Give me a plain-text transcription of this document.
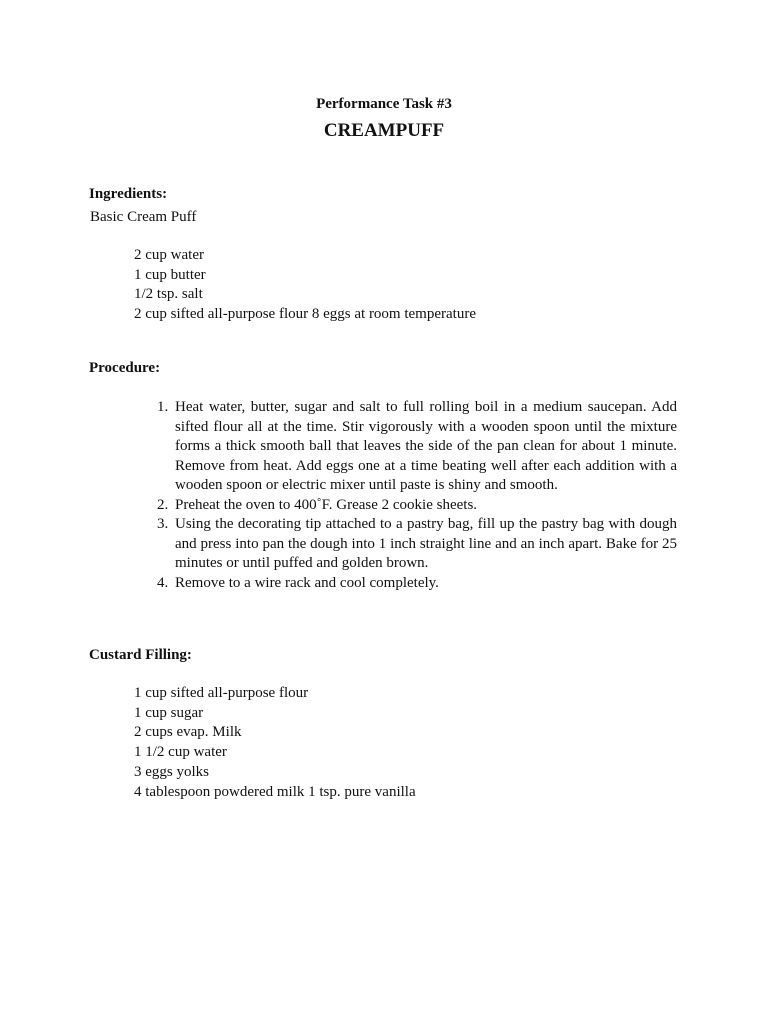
Performance Task #3
CREAMPUFF
Ingredients:
Basic Cream Puff
2 cup water
1 cup butter
1/2 tsp. salt
2 cup sifted all-purpose flour 8 eggs at room temperature
Procedure:
1. Heat water, butter, sugar and salt to full rolling boil in a medium saucepan. Add sifted flour all at the time. Stir vigorously with a wooden spoon until the mixture forms a thick smooth ball that leaves the side of the pan clean for about 1 minute. Remove from heat. Add eggs one at a time beating well after each addition with a wooden spoon or electric mixer until paste is shiny and smooth.
2. Preheat the oven to 400˚F. Grease 2 cookie sheets.
3. Using the decorating tip attached to a pastry bag, fill up the pastry bag with dough and press into pan the dough into 1 inch straight line and an inch apart. Bake for 25 minutes or until puffed and golden brown.
4. Remove to a wire rack and cool completely.
Custard Filling:
1 cup sifted all-purpose flour
1 cup sugar
2 cups evap. Milk
1 1/2 cup water
3 eggs yolks
4 tablespoon powdered milk 1 tsp. pure vanilla
